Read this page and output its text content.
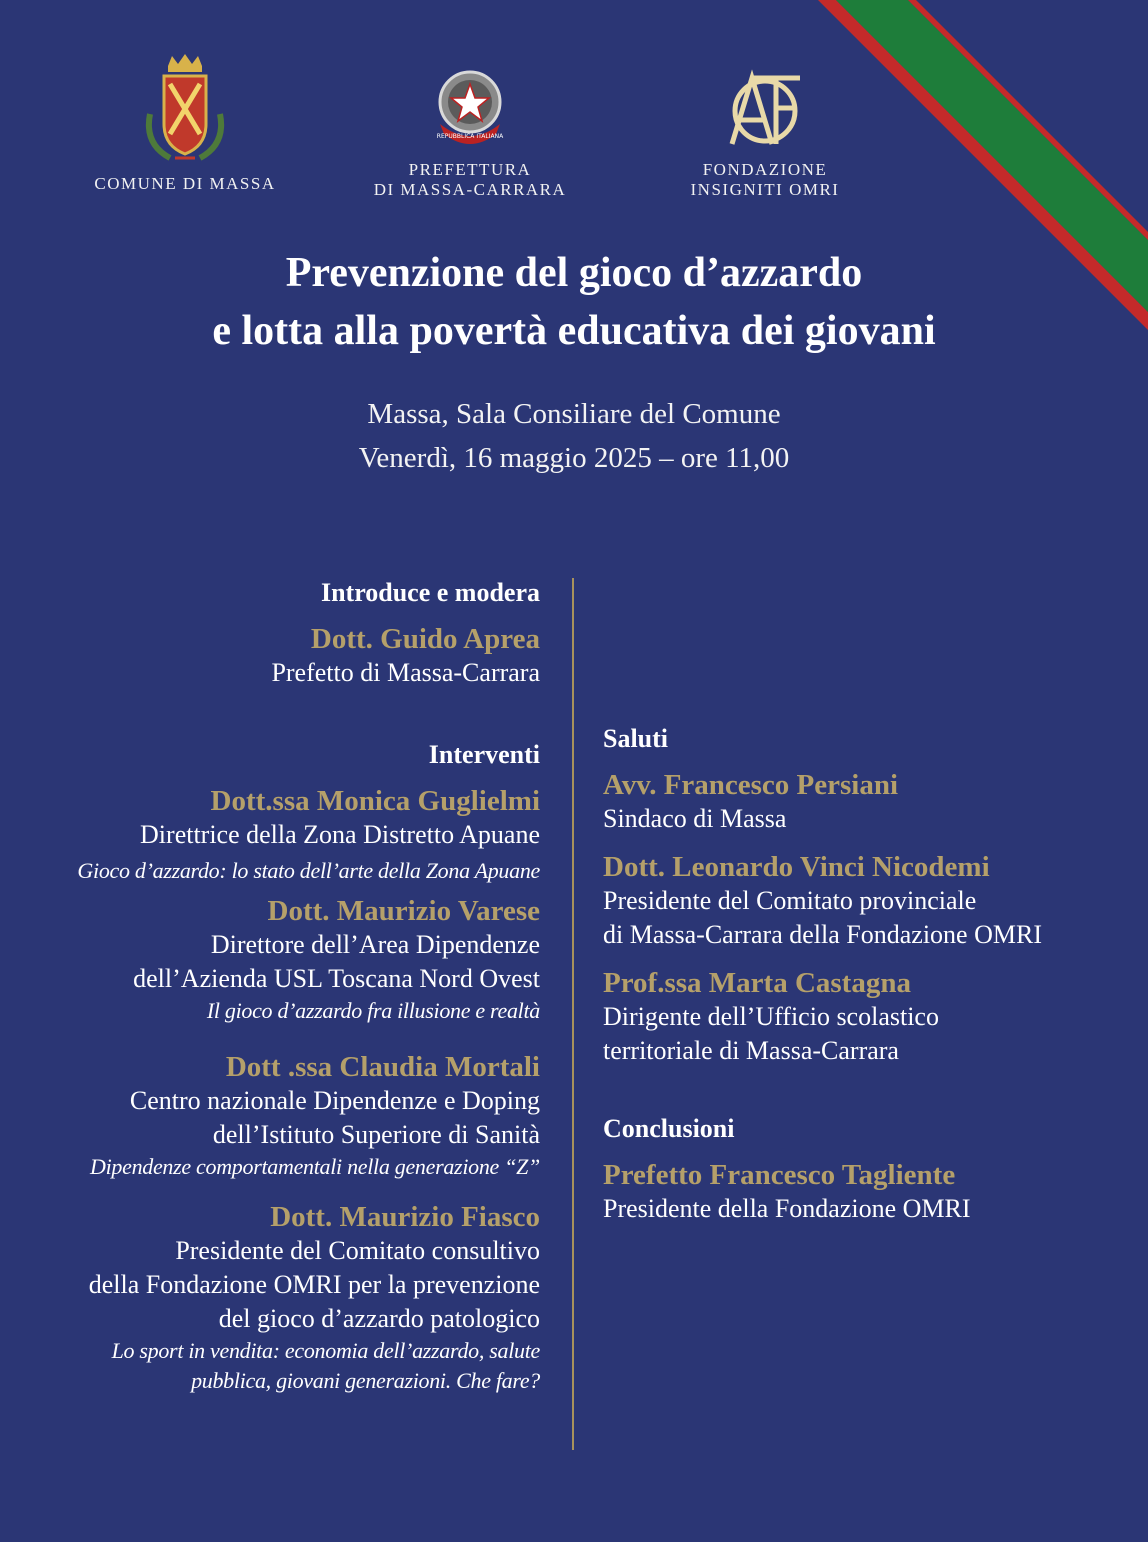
COMUNE DI MASSA
REPUBBLICA ITALIANA
PREFETTURA
DI MASSA-CARRARA
FONDAZIONE
INSIGNITI OMRI
Prevenzione del gioco d’azzardo
e lotta alla povertà educativa dei giovani
Massa, Sala Consiliare del Comune
Venerdì, 16 maggio 2025 – ore 11,00
Introduce e modera
Dott. Guido Aprea
Prefetto di Massa-Carrara
Interventi
Dott.ssa Monica Guglielmi
Direttrice della Zona Distretto Apuane
Gioco d’azzardo: lo stato dell’arte della Zona Apuane
Dott. Maurizio Varese
Direttore dell’Area Dipendenze
dell’Azienda USL Toscana Nord Ovest
Il gioco d’azzardo fra illusione e realtà
Dott .ssa Claudia Mortali
Centro nazionale Dipendenze e Doping
dell’Istituto Superiore di Sanità
Dipendenze comportamentali nella generazione “Z”
Dott. Maurizio Fiasco
Presidente del Comitato consultivo
della Fondazione OMRI per la prevenzione
del gioco d’azzardo patologico
Lo sport in vendita: economia dell’azzardo, salute
pubblica, giovani generazioni. Che fare?
Saluti
Avv. Francesco Persiani
Sindaco di Massa
Dott. Leonardo Vinci Nicodemi
Presidente del Comitato provinciale
di Massa-Carrara della Fondazione OMRI
Prof.ssa Marta Castagna
Dirigente dell’Ufficio scolastico
territoriale di Massa-Carrara
Conclusioni
Prefetto Francesco Tagliente
Presidente della Fondazione OMRI
